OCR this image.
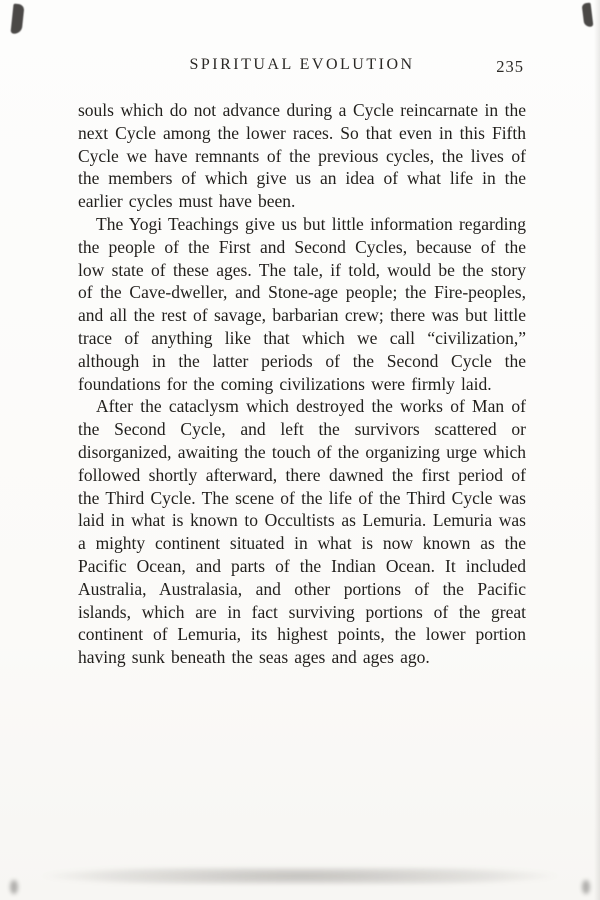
SPIRITUAL EVOLUTION	235

souls which do not advance during a Cycle reincarnate in the next Cycle among the lower races. So that even in this Fifth Cycle we have remnants of the previous cycles, the lives of the members of which give us an idea of what life in the earlier cycles must have been.

The Yogi Teachings give us but little information regarding the people of the First and Second Cycles, because of the low state of these ages. The tale, if told, would be the story of the Cave-dweller, and Stone-age people; the Fire-peoples, and all the rest of savage, barbarian crew; there was but little trace of anything like that which we call “civilization,” although in the latter periods of the Second Cycle the foundations for the coming civilizations were firmly laid.

After the cataclysm which destroyed the works of Man of the Second Cycle, and left the survivors scattered or disorganized, awaiting the touch of the organizing urge which followed shortly afterward, there dawned the first period of the Third Cycle. The scene of the life of the Third Cycle was laid in what is known to Occultists as Lemuria. Lemuria was a mighty continent situated in what is now known as the Pacific Ocean, and parts of the Indian Ocean. It included Australia, Australasia, and other portions of the Pacific islands, which are in fact surviving portions of the great continent of Lemuria, its highest points, the lower portion having sunk beneath the seas ages and ages ago.
